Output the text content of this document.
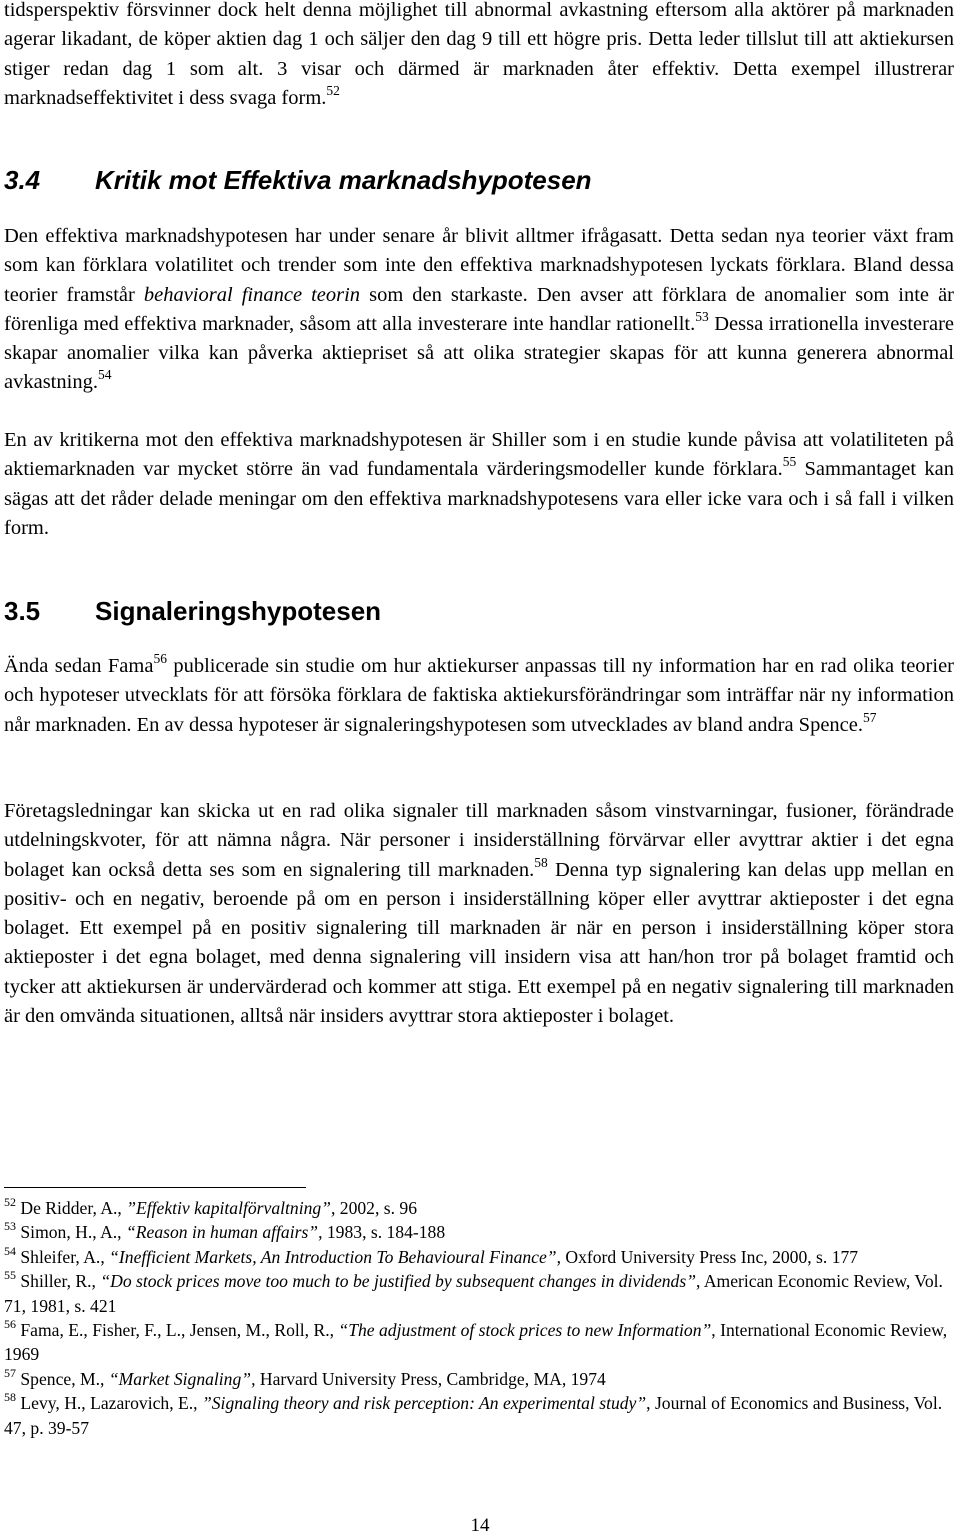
tidsperspektiv försvinner dock helt denna möjlighet till abnormal avkastning eftersom alla aktörer på marknaden agerar likadant, de köper aktien dag 1 och säljer den dag 9 till ett högre pris. Detta leder tillslut till att aktiekursen stiger redan dag 1 som alt. 3 visar och därmed är marknaden åter effektiv. Detta exempel illustrerar marknadseffektivitet i dess svaga form.$^{52}$

3.4 Kritik mot Effektiva marknadshypotesen

Den effektiva marknadshypotesen har under senare år blivit alltmer ifrågasatt. Detta sedan nya teorier växt fram som kan förklara volatilitet och trender som inte den effektiva marknadshypotesen lyckats förklara. Bland dessa teorier framstår behavioral finance teorin som den starkaste. Den avser att förklara de anomalier som inte är förenliga med effektiva marknader, såsom att alla investerare inte handlar rationellt.$^{53}$ Dessa irrationella investerare skapar anomalier vilka kan påverka aktiepriset så att olika strategier skapas för att kunna generera abnormal avkastning.$^{54}$

En av kritikerna mot den effektiva marknadshypotesen är Shiller som i en studie kunde påvisa att volatiliteten på aktiemarknaden var mycket större än vad fundamentala värderingsmodeller kunde förklara.$^{55}$ Sammantaget kan sägas att det råder delade meningar om den effektiva marknadshypotesens vara eller icke vara och i så fall i vilken form.

3.5 Signaleringshypotesen

Ända sedan Fama$^{56}$ publicerade sin studie om hur aktiekurser anpassas till ny information har en rad olika teorier och hypoteser utvecklats för att försöka förklara de faktiska aktiekursförändringar som inträffar när ny information når marknaden. En av dessa hypoteser är signaleringshypotesen som utvecklades av bland andra Spence.$^{57}$

Företagsledningar kan skicka ut en rad olika signaler till marknaden såsom vinstvarningar, fusioner, förändrade utdelningskvoter, för att nämna några. När personer i insiderställning förvärvar eller avyttrar aktier i det egna bolaget kan också detta ses som en signalering till marknaden.$^{58}$ Denna typ signalering kan delas upp mellan en positiv- och en negativ, beroende på om en person i insiderställning köper eller avyttrar aktieposter i det egna bolaget. Ett exempel på en positiv signalering till marknaden är när en person i insiderställning köper stora aktieposter i det egna bolaget, med denna signalering vill insidern visa att han/hon tror på bolaget framtid och tycker att aktiekursen är undervärderad och kommer att stiga. Ett exempel på en negativ signalering till marknaden är den omvända situationen, alltså när insiders avyttrar stora aktieposter i bolaget.

$^{52}$ De Ridder, A., ”Effektiv kapitalförvaltning”, 2002, s. 96

$^{53}$ Simon, H., A., “Reason in human affairs”, 1983, s. 184-188

$^{54}$ Shleifer, A., “Inefficient Markets, An Introduction To Behavioural Finance”, Oxford University Press Inc, 2000, s. 177

$^{55}$ Shiller, R., “Do stock prices move too much to be justified by subsequent changes in dividends”, American Economic Review, Vol. 71, 1981, s. 421

$^{56}$ Fama, E., Fisher, F., L., Jensen, M., Roll, R., “The adjustment of stock prices to new Information”, International Economic Review, 1969

$^{57}$ Spence, M., “Market Signaling”, Harvard University Press, Cambridge, MA, 1974

$^{58}$ Levy, H., Lazarovich, E., ”Signaling theory and risk perception: An experimental study”, Journal of Economics and Business, Vol. 47, p. 39-57

14
